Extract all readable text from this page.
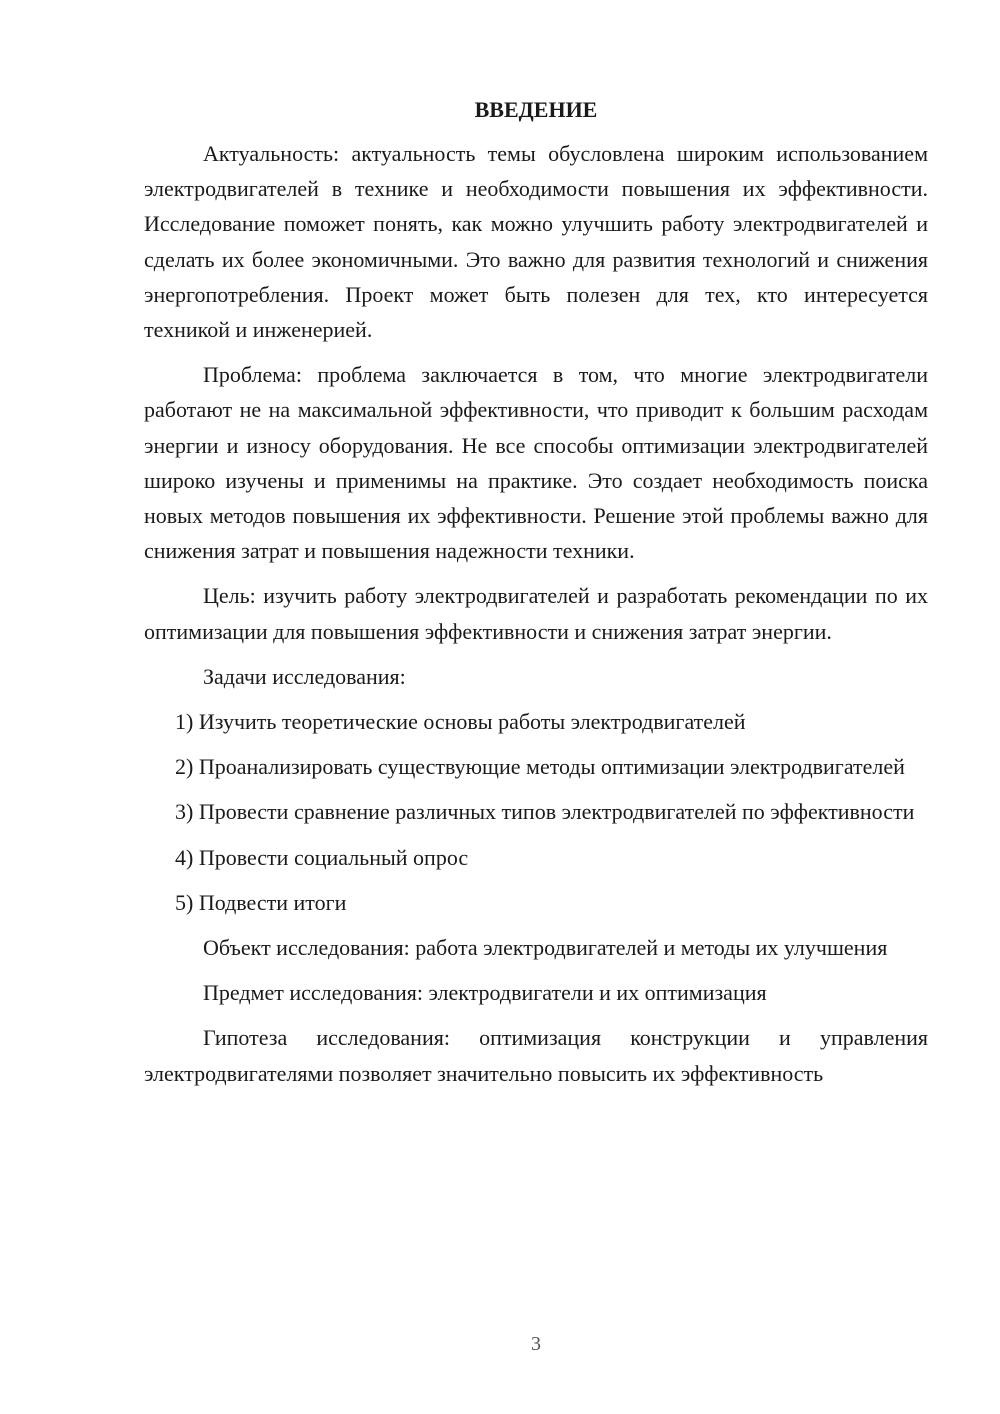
ВВЕДЕНИЕ

Актуальность: актуальность темы обусловлена широким использованием электродвигателей в технике и необходимости повышения их эффективности. Исследование поможет понять, как можно улучшить работу электродвигателей и сделать их более экономичными. Это важно для развития технологий и снижения энергопотребления. Проект может быть полезен для тех, кто интересуется техникой и инженерией.

Проблема: проблема заключается в том, что многие электродвигатели работают не на максимальной эффективности, что приводит к большим расходам энергии и износу оборудования. Не все способы оптимизации электродвигателей широко изучены и применимы на практике. Это создает необходимость поиска новых методов повышения их эффективности. Решение этой проблемы важно для снижения затрат и повышения надежности техники.

Цель: изучить работу электродвигателей и разработать рекомендации по их оптимизации для повышения эффективности и снижения затрат энергии.

Задачи исследования:

1) Изучить теоретические основы работы электродвигателей

2) Проанализировать существующие методы оптимизации электродвигателей

3) Провести сравнение различных типов электродвигателей по эффективности

4) Провести социальный опрос

5) Подвести итоги

Объект исследования: работа электродвигателей и методы их улучшения

Предмет исследования: электродвигатели и их оптимизация

Гипотеза исследования: оптимизация конструкции и управления электродвигателями позволяет значительно повысить их эффективность

3
